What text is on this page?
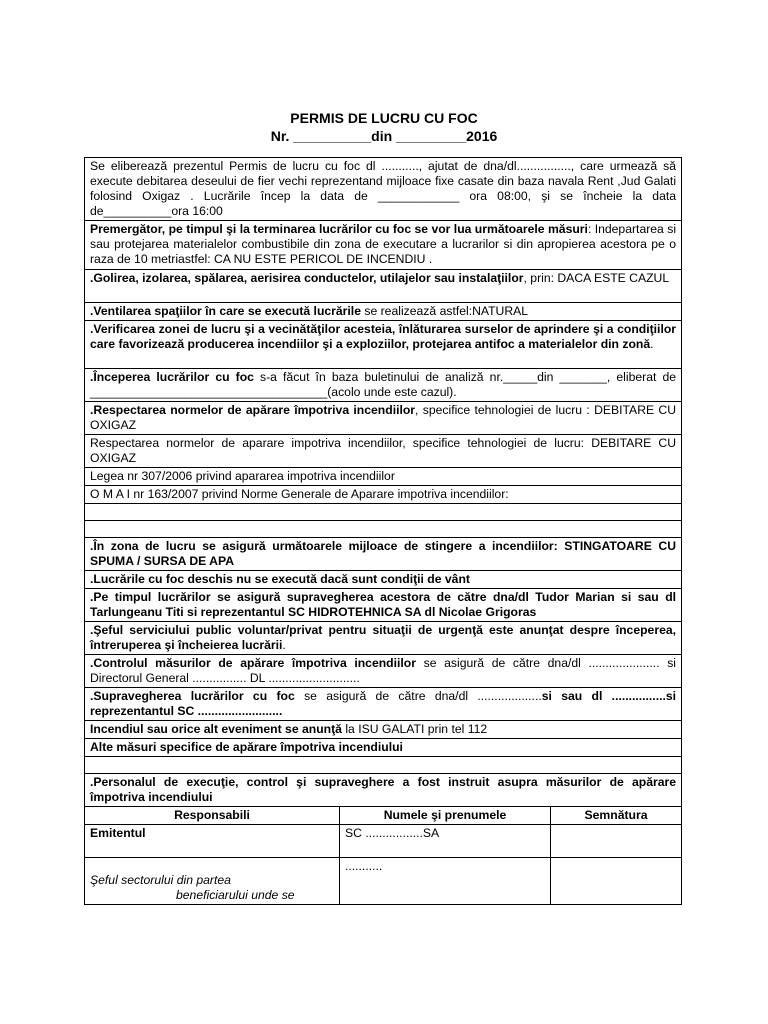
PERMIS DE LUCRU CU FOC
Nr. __________din _________2016
Se eliberează prezentul Permis de lucru cu foc dl ..........., ajutat de dna/dl................, care urmează să execute debitarea deseului de fier vechi reprezentand mijloace fixe casate din baza navala Rent ,Jud Galati folosind Oxigaz . Lucrările încep la data de ____________ ora 08:00, şi se încheie la data de__________ora 16:00		
Premergător, pe timpul şi la terminarea lucrărilor cu foc se vor lua următoarele măsuri: Indepartarea si sau protejarea materialelor combustibile din zona de executare a lucrarilor si din apropierea acestora pe o raza de 10 metriastfel: CA NU ESTE PERICOL DE INCENDIU .		
.Golirea, izolarea, spălarea, aerisirea conductelor, utilajelor sau instalaţiilor, prin: DACA ESTE CAZUL		
.Ventilarea spaţiilor în care se execută lucrările se realizează astfel:NATURAL		
.Verificarea zonei de lucru şi a vecinătăţilor acesteia, înlăturarea surselor de aprindere şi a condiţiilor care favorizează producerea incendiilor şi a exploziilor, protejarea antifoc a materialelor din zonă.		
.Începerea lucrărilor cu foc s-a făcut în baza buletinului de analiză nr._____din _______, eliberat de ___________________________________(acolo unde este cazul).		
.Respectarea normelor de apărare împotriva incendiilor, specifice tehnologiei de lucru : DEBITARE CU OXIGAZ		
Respectarea normelor de aparare impotriva incendiilor, specifice tehnologiei de lucru: DEBITARE CU OXIGAZ		
Legea nr 307/2006 privind apararea impotriva incendiilor		
O M A I nr 163/2007 privind Norme Generale de Aparare impotriva incendiilor:		

.În zona de lucru se asigură următoarele mijloace de stingere a incendiilor: STINGATOARE CU SPUMA / SURSA DE APA		
.Lucrările cu foc deschis nu se execută dacă sunt condiţii de vânt		
.Pe timpul lucrărilor se asigură supravegherea acestora de către dna/dl Tudor Marian si sau dl Tarlungeanu Titi si reprezentantul SC HIDROTEHNICA SA dl Nicolae Grigoras		
.Şeful serviciului public voluntar/privat pentru situaţii de urgenţă este anunţat despre începerea, întreruperea şi încheierea lucrării.		
.Controlul măsurilor de apărare împotriva incendiilor se asigură de către dna/dl ..................... si Directorul General ................ DL ...........................		
.Supravegherea lucrărilor cu foc se asigură de către dna/dl ...................si sau dl ................si reprezentantul SC .........................		
Incendiul sau orice alt eveniment se anunţă la ISU GALATI prin tel 112		
Alte măsuri specifice de apărare împotriva incendiului		

.Personalul de execuţie, control şi supraveghere a fost instruit asupra măsurilor de apărare împotriva incendiului		
Responsabili	Numele şi prenumele	Semnătura
Emitentul	SC .................SA	

Şeful sectorului din partea
beneficiarului unde se	...........	
